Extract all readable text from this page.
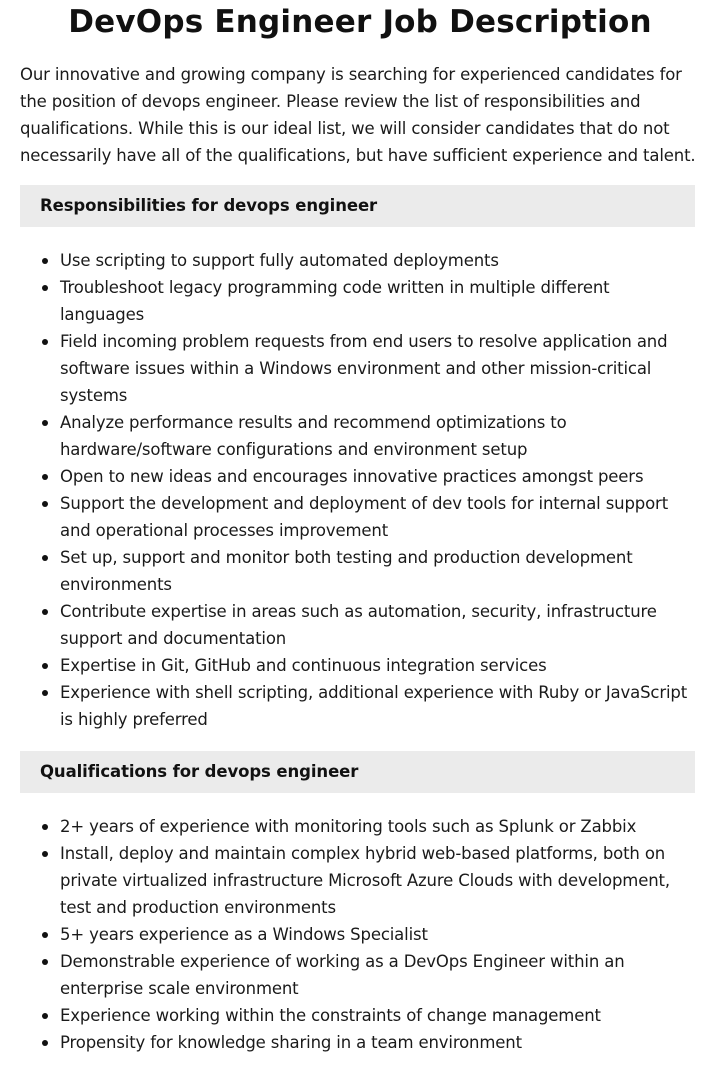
DevOps Engineer Job Description

Our innovative and growing company is searching for experienced candidates for the position of devops engineer. Please review the list of responsibilities and qualifications. While this is our ideal list, we will consider candidates that do not necessarily have all of the qualifications, but have sufficient experience and talent.

Responsibilities for devops engineer
Use scripting to support fully automated deployments
Troubleshoot legacy programming code written in multiple different languages
Field incoming problem requests from end users to resolve application and software issues within a Windows environment and other mission-critical systems
Analyze performance results and recommend optimizations to hardware/software configurations and environment setup
Open to new ideas and encourages innovative practices amongst peers
Support the development and deployment of dev tools for internal support and operational processes improvement
Set up, support and monitor both testing and production development environments
Contribute expertise in areas such as automation, security, infrastructure support and documentation
Expertise in Git, GitHub and continuous integration services
Experience with shell scripting, additional experience with Ruby or JavaScript is highly preferred
Qualifications for devops engineer
2+ years of experience with monitoring tools such as Splunk or Zabbix
Install, deploy and maintain complex hybrid web-based platforms, both on private virtualized infrastructure Microsoft Azure Clouds with development, test and production environments
5+ years experience as a Windows Specialist
Demonstrable experience of working as a DevOps Engineer within an enterprise scale environment
Experience working within the constraints of change management
Propensity for knowledge sharing in a team environment
